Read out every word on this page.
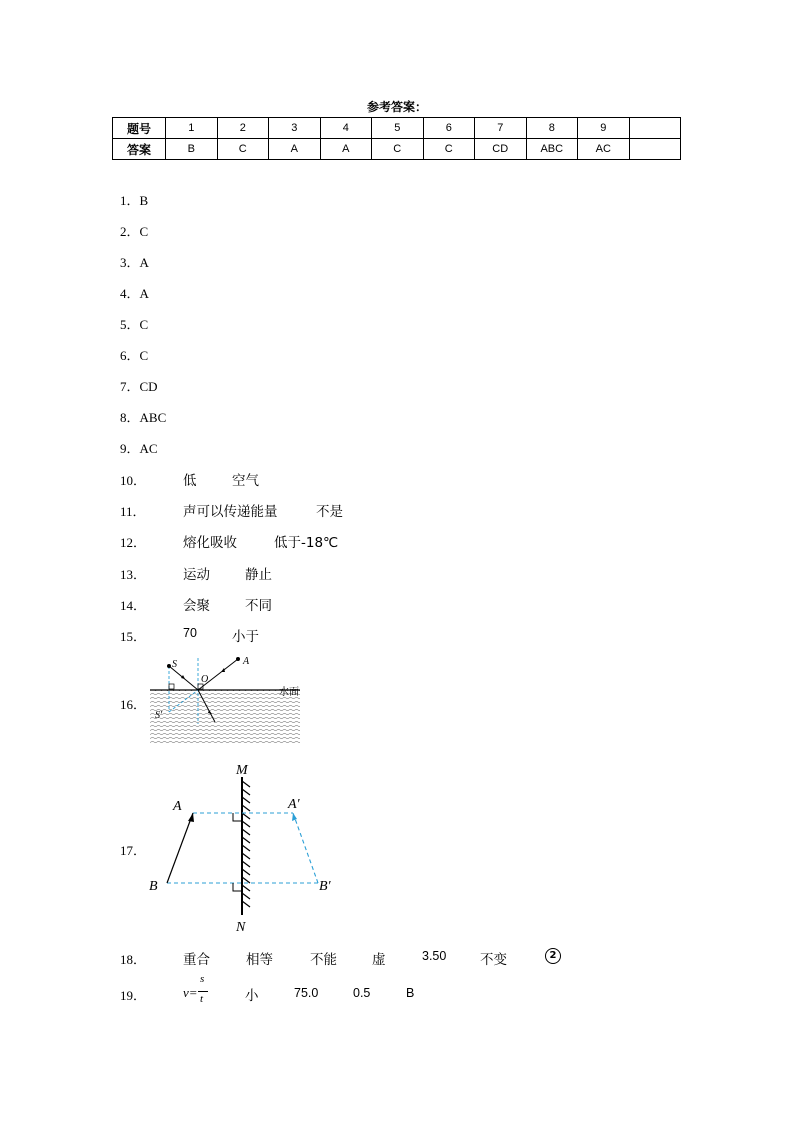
参考答案：
题号	1	2	3	4	5	6	7	8	9	
答案	B	C	A	A	C	C	CD	ABC	AC	
1．B
2．C
3．A
4．A
5．C
6．C
7．CD
8．ABC
9．AC
10．	低	空气
11．	声可以传递能量	不是
12．	熔化吸收	低于-18℃
13．	运动	静止
14．	会聚	不同
15．	70	小于
16．
S	A
O
S'
水面
17．
M
N
A
B
A′
B′
18．	重合	相等	不能	虚	3.50 不变	2
19．	v=
s
t	小	75.0	0.5	B
